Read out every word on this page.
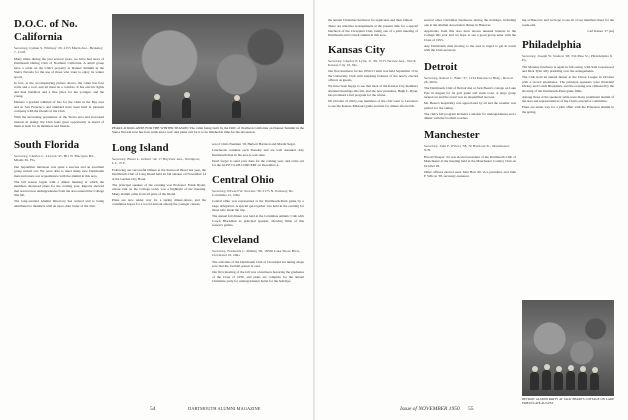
D.O.C. of No. California
Secretary, Lyman S. Whitney '20, 2155 Marin Ave., Berkeley 7, Calif.

Many times during the past several years, we have had news of Dartmouth Outing Club of Northern California. A small group have a cabin on the Club's property at Donner Summit in the Sierra Nevada for the use of those who want to enjoy its winter sports.

In fact, at the accompanying picture shows, the cabin has four walls and a roof, and all must be a comfort. It has electric lights and heat installed, and a fine place for the younger, and the young.

Dinners a gradual whittled of fats for the cabin in the Bay area and in San Francisco and Oakland have been held in pleasant company with the friends of the Club.

With the increasing population of the Sierra area and increased interest in skiing, the Club feels great opportunity is ahead of them at least for its members and friends.

South Florida
Secretary, Charles C. Lawton '47, 801 N. Biscayne Bd., Miami 36, Fla.

Our September luncheon was quite a success and an excellent group turned out. We were able to meet many new Dartmouth men and renew our acquaintance with the alumni in this area.

The fall season began with a dinner meeting at which the members discussed plans for the coming year. Reports showed that several new undergraduates from the area entered the College this fall.

The long-awaited Alumni Directory has arrived and is being distributed to members with an up-to-date roster of the club.

PEARL-O ROO-ANSE FOR THE WINTER SEASON: The cabin being built by the DOC of Northern California on Donner Summit in the Sierra Nevada now has four walls and a roof, and plans call for it to be finished in time for the ski season.
Long Island
Secretary, Bruce L. Gilbert '42, 17 Bayview Ave., Northport, L.I., N.Y.

Following our successful Dinner at the Sunwood Hotel last year, the Dartmouth Club of Long Island held its fall smoker on November 14 at the Garden City Hotel.

The principal speaker of the evening was Professor Frank Ryder, whose talk on the College today was a highlight of the meeting. Many alumni came from all parts of the Island.

Plans are now under way for a spring dinner-dance, and the committee hopes for a record turnout among the younger classes.

son of Chris Neuman '18, Herbert Harrison and Martin Segal.

Luncheons continue each Tuesday and are well attended. Any Dartmouth man in the area is welcome.

Don't forget to send your dues for the coming year, and come out for the GLEE CLUB CONCERT on December 4.

Central Ohio
Secretary, Edward W. Stevens '38, 2175 N. Parkway Dr., Columbus 21, Ohio

Central Ohio was represented at the Dartmouth-Penn game by a large delegation. A special get-together was held in the evening for those who made the trip.

The annual fall dinner was held at the Columbus Athletic Club with Coach Blackman as principal speaker, showing films of this season's games.

Cleveland
Secretary, Frederick C. Minnig '49, 18500 Lake Shore Blvd., Cleveland 19, Ohio

The activities of the Dartmouth Club of Cleveland are taking shape now that the football season is over.

Our first meeting of the fall was a luncheon honoring the graduates of the Class of 1950, and plans are complete for the annual Christmas party for undergraduates home for the holidays.

54	DARTMOUTH ALUMNI MAGAZINE

the annual Christmas luncheon for applicants and their fathers.

There are tentative arrangements at the present time for a special luncheon of the Cleveland Club, being one of a joint meeting of Dartmouth and Cornell alumni in this area.

Kansas City
Secretary, Charles F. Lytle, Jr. '36, 3715 Terrace Ave., North Kansas City 16, Mo.

Our first luncheon for the 1950-51 term was held September 15 in the University Club with inspiring features of the newly elected officers as guests.

We have been happy to see that most of the Kansas City members attended meetings this fall, and the new president, Hugh C. Ryan, has promised a full program for the winter.

On October 21 thirty-one members of the club went to Lawrence to see the Kansas-Missouri game and met for dinner afterwards.

several other Christmas luncheons during the holidays, including one at the Alumni Association dinner in Hanover.

Applicants from this area have shown unusual interest in the College this year and we hope to see a good group enter with the Class of 1955.

Any Dartmouth man moving to the area is urged to get in touch with the Club secretary.

Detroit
Secretary, Robert C. Blair '37, 1234 Penobscot Bldg., Detroit 26, Mich.

The Dartmouth Club of Detroit met at Jack Beare's cottage on Lake Erie in August for its golf game and steak roast. A large group turned out and the event was an unqualified success.

Mr. Beare's hospitality was appreciated by all and the weather was perfect for the outing.

The club's fall program includes a smoker for undergraduates and a dinner with the football coaches.

Manchester
Secretary, John F. Wilcox '38, 70 Harrison St., Manchester, N.H.

Harold Sleeper '24 was elected president of the Dartmouth Club of Manchester at the meeting held at the Manchester Country Club on October 26.

Other officers elected were John Hart '40, vice president, and John F. Wilcox '38, secretary-treasurer.

ing at Hanover, and we hope to see all of our members there for the week-end.

Carl Kaiser '17 (aa)

Philadelphia
Secretary, Joseph W. Stanton '28, 334 Pine St., Philadelphia 6, Pa.

The Monday luncheon is again in full swing, with Sam Greenwood and Dick Tyler ably presiding over the arrangements.

The Club held its annual dinner at the Union League in October with a record attendance. The principal speakers were President Dickey and Coach Blackman, and the evening was climaxed by the showing of the Dartmouth-Penn game films.

Among those at the speakers' table were many prominent alumni of the area and representatives of the Club's executive committee.

Plans are under way for a joint affair with the Princeton alumni in the spring.

DETROIT ALUMNI PARTY AT JACK BEARE'S COTTAGE ON LAKE ERIE IN LATE AUGUST
Issue of NOVEMBER 1950 55
